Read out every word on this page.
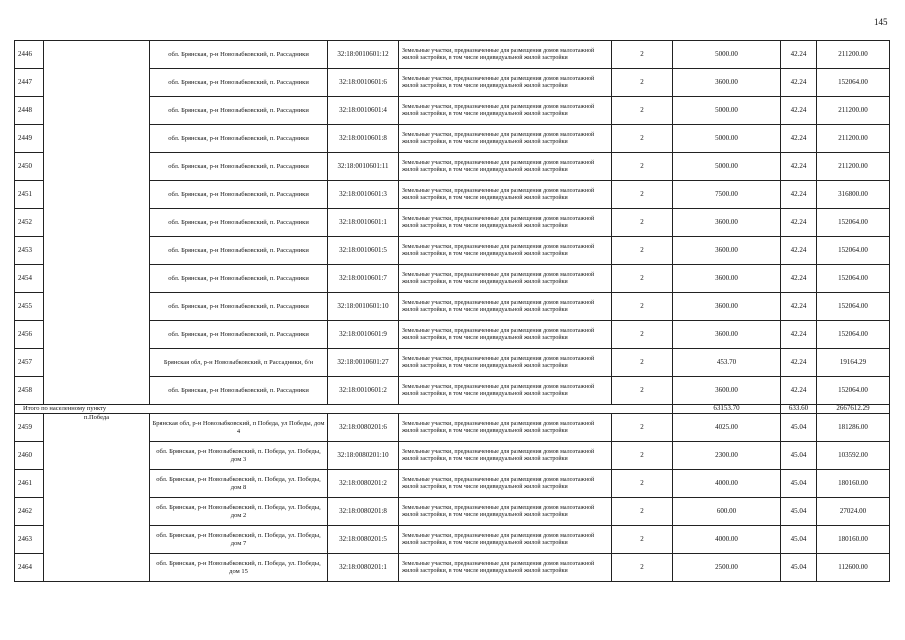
145
2446		обл. Брянская, р-н Новозыбковский, п. Рассадники	32:18:0010601:12	Земельные участки, предназначенные для размещения домов малоэтажной жилой застройки, в том числе индивидуальной жилой застройки	2	5000.00	42.24	211200.00
2447		обл. Брянская, р-н Новозыбковский, п. Рассадники	32:18:0010601:6	Земельные участки, предназначенные для размещения домов малоэтажной жилой застройки, в том числе индивидуальной жилой застройки	2	3600.00	42.24	152064.00
2448		обл. Брянская, р-н Новозыбковский, п. Рассадники	32:18:0010601:4	Земельные участки, предназначенные для размещения домов малоэтажной жилой застройки, в том числе индивидуальной жилой застройки	2	5000.00	42.24	211200.00
2449		обл. Брянская, р-н Новозыбковский, п. Рассадники	32:18:0010601:8	Земельные участки, предназначенные для размещения домов малоэтажной жилой застройки, в том числе индивидуальной жилой застройки	2	5000.00	42.24	211200.00
2450		обл. Брянская, р-н Новозыбковский, п. Рассадники	32:18:0010601:11	Земельные участки, предназначенные для размещения домов малоэтажной жилой застройки, в том числе индивидуальной жилой застройки	2	5000.00	42.24	211200.00
2451		обл. Брянская, р-н Новозыбковский, п. Рассадники	32:18:0010601:3	Земельные участки, предназначенные для размещения домов малоэтажной жилой застройки, в том числе индивидуальной жилой застройки	2	7500.00	42.24	316800.00
2452		обл. Брянская, р-н Новозыбковский, п. Рассадники	32:18:0010601:1	Земельные участки, предназначенные для размещения домов малоэтажной жилой застройки, в том числе индивидуальной жилой застройки	2	3600.00	42.24	152064.00
2453		обл. Брянская, р-н Новозыбковский, п. Рассадники	32:18:0010601:5	Земельные участки, предназначенные для размещения домов малоэтажной жилой застройки, в том числе индивидуальной жилой застройки	2	3600.00	42.24	152064.00
2454		обл. Брянская, р-н Новозыбковский, п. Рассадники	32:18:0010601:7	Земельные участки, предназначенные для размещения домов малоэтажной жилой застройки, в том числе индивидуальной жилой застройки	2	3600.00	42.24	152064.00
2455		обл. Брянская, р-н Новозыбковский, п. Рассадники	32:18:0010601:10	Земельные участки, предназначенные для размещения домов малоэтажной жилой застройки, в том числе индивидуальной жилой застройки	2	3600.00	42.24	152064.00
2456		обл. Брянская, р-н Новозыбковский, п. Рассадники	32:18:0010601:9	Земельные участки, предназначенные для размещения домов малоэтажной жилой застройки, в том числе индивидуальной жилой застройки	2	3600.00	42.24	152064.00
2457		Брянская обл, р-н Новозыбковский, п Рассадники, б/н	32:18:0010601:27	Земельные участки, предназначенные для размещения домов малоэтажной жилой застройки, в том числе индивидуальной жилой застройки	2	453.70	42.24	19164.29
2458		обл. Брянская, р-н Новозыбковский, п. Рассадники	32:18:0010601:2	Земельные участки, предназначенные для размещения домов малоэтажной жилой застройки, в том числе индивидуальной жилой застройки	2	3600.00	42.24	152064.00
Итого по населенному пункту						63153.70	633.60	2667612.29
2459	п.Победа	Брянская обл, р-н Новозыбковский, п Победа, ул Победы, дом 4	32:18:0080201:6	Земельные участки, предназначенные для размещения домов малоэтажной жилой застройки, в том числе индивидуальной жилой застройки	2	4025.00	45.04	181286.00
2460		обл. Брянская, р-н Новозыбковский, п. Победа, ул. Победы, дом 3	32:18:0080201:10	Земельные участки, предназначенные для размещения домов малоэтажной жилой застройки, в том числе индивидуальной жилой застройки	2	2300.00	45.04	103592.00
2461		обл. Брянская, р-н Новозыбковский, п. Победа, ул. Победы, дом 8	32:18:0080201:2	Земельные участки, предназначенные для размещения домов малоэтажной жилой застройки, в том числе индивидуальной жилой застройки	2	4000.00	45.04	180160.00
2462		обл. Брянская, р-н Новозыбковский, п. Победа, ул. Победы, дом 2	32:18:0080201:8	Земельные участки, предназначенные для размещения домов малоэтажной жилой застройки, в том числе индивидуальной жилой застройки	2	600.00	45.04	27024.00
2463		обл. Брянская, р-н Новозыбковский, п. Победа, ул. Победы, дом 7	32:18:0080201:5	Земельные участки, предназначенные для размещения домов малоэтажной жилой застройки, в том числе индивидуальной жилой застройки	2	4000.00	45.04	180160.00
2464		обл. Брянская, р-н Новозыбковский, п. Победа, ул. Победы, дом 15	32:18:0080201:1	Земельные участки, предназначенные для размещения домов малоэтажной жилой застройки, в том числе индивидуальной жилой застройки	2	2500.00	45.04	112600.00
